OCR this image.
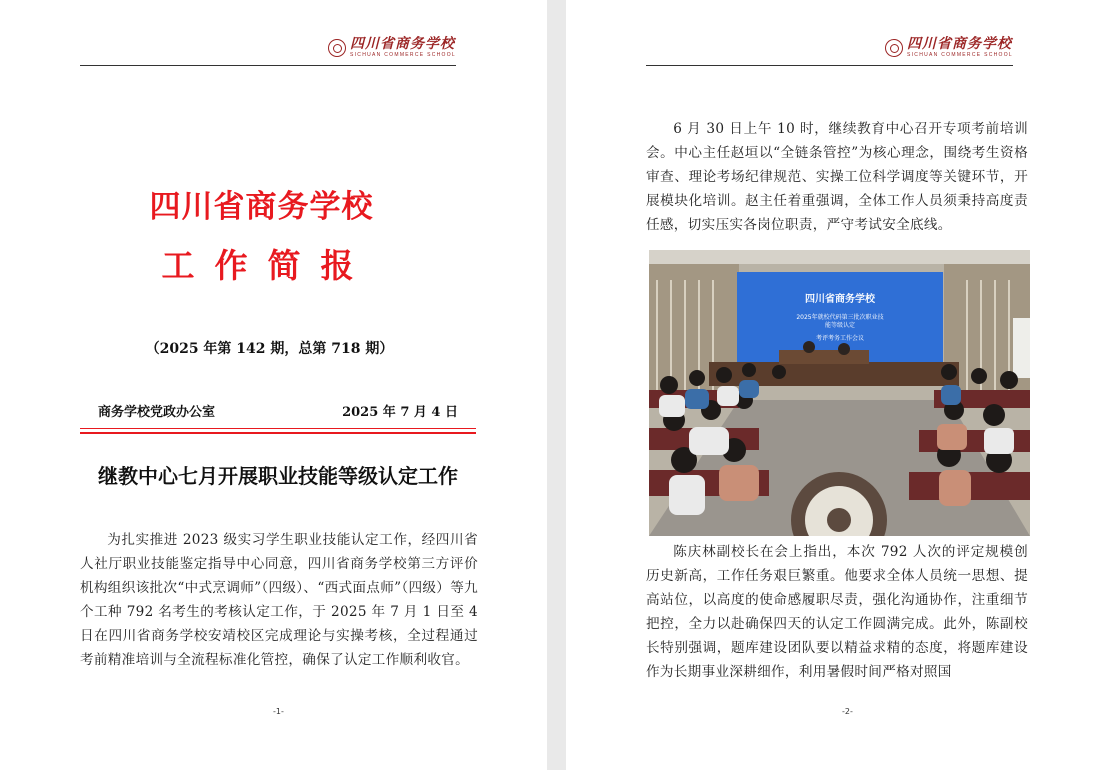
四川省商务学校
SICHUAN COMMERCE SCHOOL
四川省商务学校
工作简报
（2025 年第 142 期，总第 718 期）
商务学校党政办公室	2025 年 7 月 4 日
继教中心七月开展职业技能等级认定工作
为扎实推进 2023 级实习学生职业技能认定工作，经四川省人社厅职业技能鉴定指导中心同意，四川省商务学校第三方评价机构组织该批次“中式烹调师”（四级）、“西式面点师”（四级）等九个工种 792 名考生的考核认定工作，于 2025 年 7 月 1 日至 4 日在四川省商务学校安靖校区完成理论与实操考核，全过程通过考前精准培训与全流程标准化管控，确保了认定工作顺利收官。
-1-
四川省商务学校
SICHUAN COMMERCE SCHOOL
6 月 30 日上午 10 时，继续教育中心召开专项考前培训会。中心主任赵垣以“全链条管控”为核心理念，围绕考生资格审查、理论考场纪律规范、实操工位科学调度等关键环节，开展模块化培训。赵主任着重强调，全体工作人员须秉持高度责任感，切实压实各岗位职责，严守考试安全底线。
四川省商务学校
2025年就校代码第三批次职业技
能等级认定
考评考务工作会议
陈庆林副校长在会上指出，本次 792 人次的评定规模创历史新高，工作任务艰巨繁重。他要求全体人员统一思想、提高站位，以高度的使命感履职尽责，强化沟通协作，注重细节把控，全力以赴确保四天的认定工作圆满完成。此外，陈副校长特别强调，题库建设团队要以精益求精的态度，将题库建设作为长期事业深耕细作，利用暑假时间严格对照国
-2-
